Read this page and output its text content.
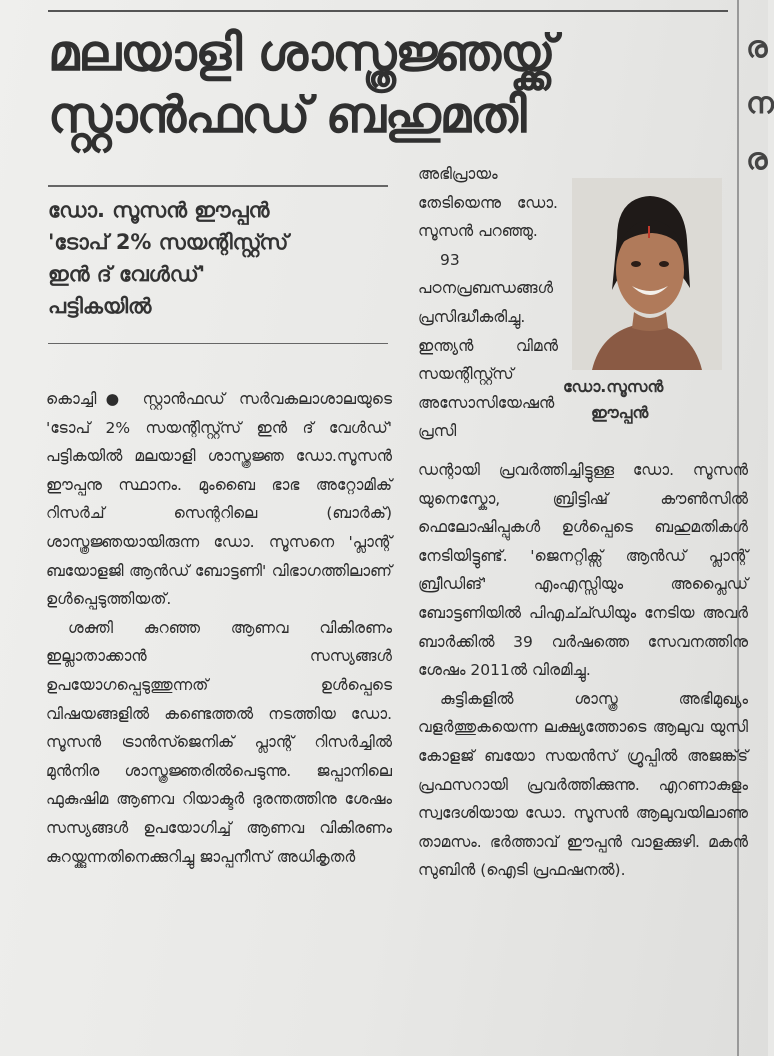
മലയാളി ശാസ്ത്രജ്ഞയ്ക്ക്
സ്റ്റാൻഫഡ് ബഹുമതി
ര
ന
ര
ഡോ. സൂസൻ ഈപ്പൻ
'ടോപ് 2% സയന്റിസ്റ്റ്സ്
ഇൻ ദ് വേൾഡ്'
പട്ടികയിൽ

കൊച്ചി● സ്റ്റാൻഫഡ് സർവകലാശാലയുടെ 'ടോപ് 2% സയന്റിസ്റ്റ്സ് ഇൻ ദ് വേൾഡ്' പട്ടികയിൽ മലയാളി ശാസ്ത്രജ്ഞ ഡോ.സൂസൻ ഈപ്പനു സ്ഥാനം. മുംബൈ ഭാഭ അറ്റോമിക് റിസർച് സെന്ററിലെ (ബാർക്) ശാസ്ത്രജ്ഞയായിരുന്ന ഡോ. സൂസനെ 'പ്ലാന്റ് ബയോളജി ആൻഡ് ബോട്ടണി' വിഭാഗത്തിലാണ് ഉൾപ്പെടുത്തിയത്.

ശക്തി കുറഞ്ഞ ആണവ വികിരണം ഇല്ലാതാക്കാൻ സസ്യങ്ങൾ ഉപയോഗപ്പെടുത്തുന്നത് ഉൾപ്പെടെ വിഷയങ്ങളിൽ കണ്ടെത്തൽ നടത്തിയ ഡോ. സൂസൻ ട്രാൻസ്ജെനിക് പ്ലാന്റ് റിസർച്ചിൽ മുൻനിര ശാസ്ത്രജ്ഞരിൽപെടുന്നു. ജപ്പാനിലെ ഫുകുഷിമ ആണവ റിയാക്ടർ ദുരന്തത്തിനു ശേഷം സസ്യങ്ങൾ ഉപയോഗിച്ച് ആണവ വികിരണം കുറയ്ക്കുന്നതിനെക്കുറിച്ചു ജാപ്പനീസ് അധികൃതർ

അഭിപ്രായം തേടിയെന്നു ഡോ. സൂസൻ പറഞ്ഞു.

93 പഠനപ്രബന്ധങ്ങൾ പ്രസിദ്ധീകരിച്ചു. ഇന്ത്യൻ വിമൻ സയന്റിസ്റ്റ്സ് അസോസിയേഷൻ പ്രസി

ഡോ.സൂസൻ
ഈപ്പൻ

ഡന്റായി പ്രവർത്തിച്ചിട്ടുള്ള ഡോ. സൂസൻ യുനെസ്കോ, ബ്രിട്ടിഷ് കൗൺസിൽ ഫെലോഷിപ്പുകൾ ഉൾപ്പെടെ ബഹുമതികൾ നേടിയിട്ടുണ്ട്. 'ജെനറ്റിക്സ് ആൻഡ് പ്ലാന്റ് ബ്രീഡിങ്' എംഎസ്സിയും അപ്ലൈഡ് ബോട്ടണിയിൽ പിഎച്ച്ഡിയും നേടിയ അവർ ബാർക്കിൽ 39 വർഷത്തെ സേവനത്തിനു ശേഷം 2011ൽ വിരമിച്ചു.

കുട്ടികളിൽ ശാസ്ത്ര അഭിമുഖ്യം വളർത്തുകയെന്ന ലക്ഷ്യത്തോടെ ആലുവ യുസി കോളജ് ബയോ സയൻസ് ഗ്രൂപ്പിൽ അജങ്ക്‌ട് പ്രഫസറായി പ്രവർത്തിക്കുന്നു. എറണാകുളം സ്വദേശിയായ ഡോ. സൂസൻ ആലുവയിലാണു താമസം. ഭർത്താവ് ഈപ്പൻ വാളക്കുഴി. മകൻ സുബിൻ (ഐടി പ്രഫഷനൽ).
